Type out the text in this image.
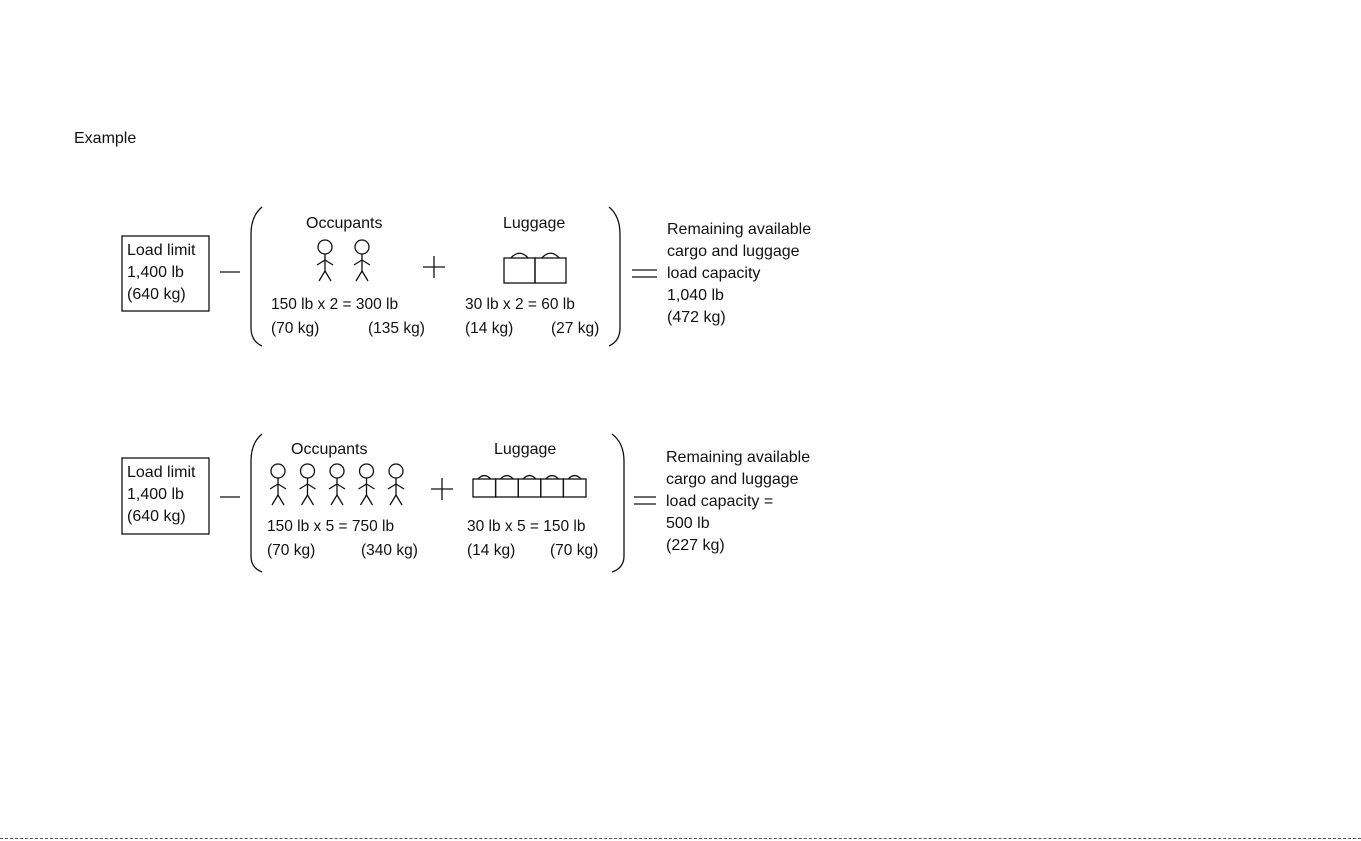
Example
Load limit
1,400 lb
(640 kg)
Occupants	Luggage
150 lb x 2 = 300 lb
(70 kg)	(135 kg)
30 lb x 2 = 60 lb
(14 kg) (27 kg)
Remaining available
cargo and luggage
load capacity
1,040 lb
(472 kg)
Load limit
1,400 lb
(640 kg)
Occupants	Luggage
150 lb x 5 = 750 lb
(70 kg)	(340 kg)
30 lb x 5 = 150 lb
(14 kg) (70 kg)
Remaining available
cargo and luggage
load capacity =
500 lb
(227 kg)
